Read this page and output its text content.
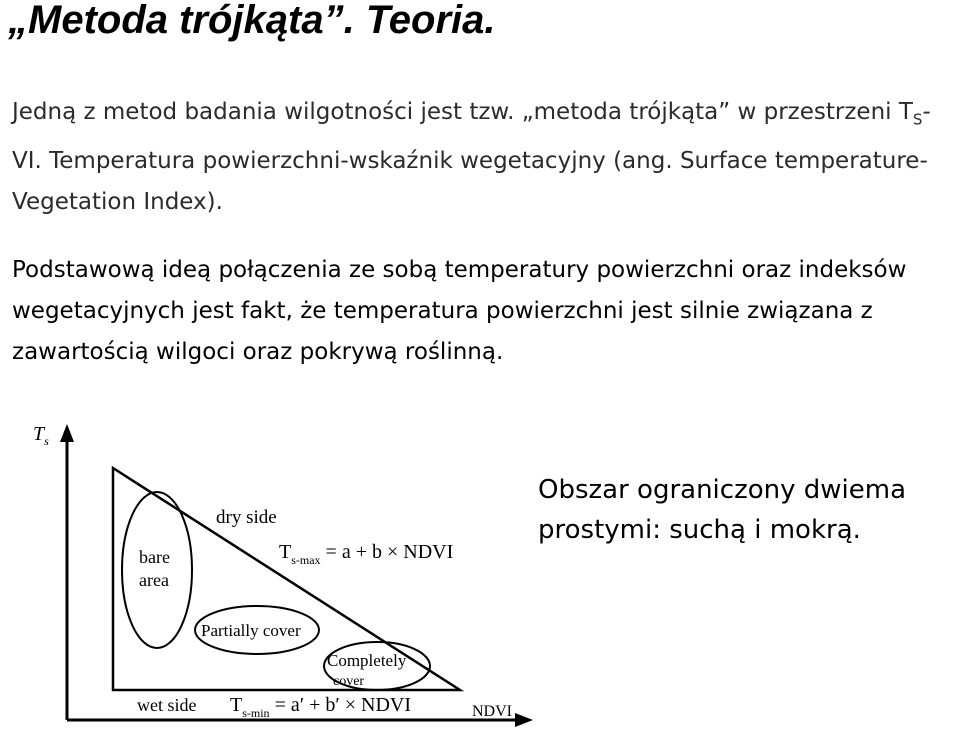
„Metoda trójkąta”. Teoria.

Jedną z metod badania wilgotności jest tzw. „metoda trójkąta” w przestrzeni $T_S-VI$. Temperatura powierzchni-wskaźnik wegetacyjny (ang. Surface temperature-Vegetation Index).

Podstawową ideą połączenia ze sobą temperatury powierzchni oraz indeksów wegetacyjnych jest fakt, że temperatura powierzchni jest silnie związana z zawartością wilgoci oraz pokrywą roślinną.

Obszar ograniczony dwiema prostymi: suchą i mokrą.

$T_s$
NDVI
bare
area
dry side
$T_{s-max} = a + b$ × NDVI
Partially cover
Completely
cover
wet side $T_{s-min} = a' + b'$ × NDVI
